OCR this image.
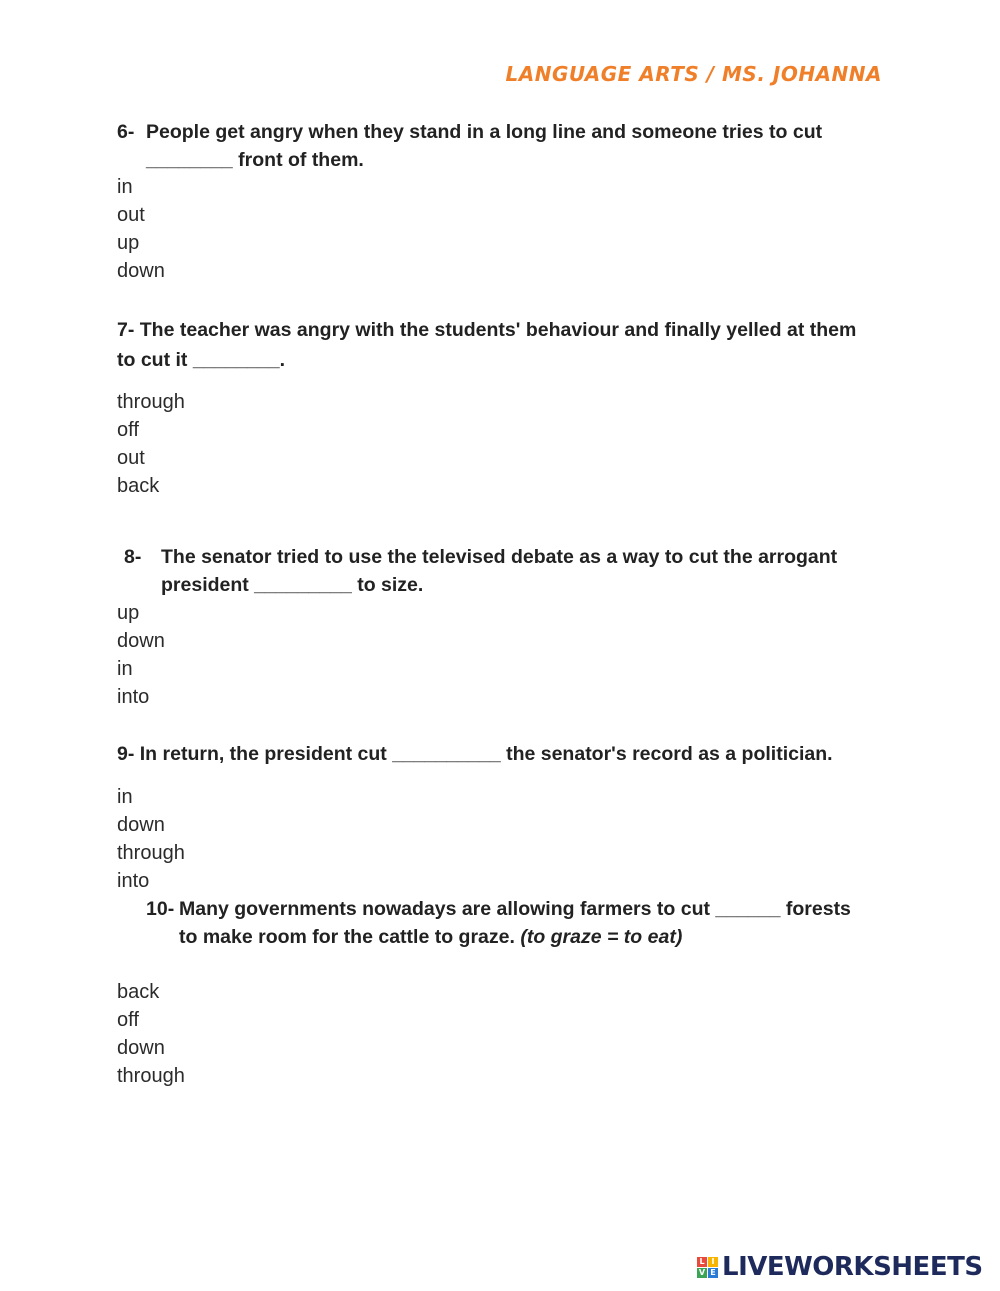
LANGUAGE ARTS / MS. JOHANNA
6- People get angry when they stand in a long line and someone tries to cut
________ front of them.
in
out
up
down
7- The teacher was angry with the students' behaviour and finally yelled at them
to cut it ________.
through
off
out
back
8-	The senator tried to use the televised debate as a way to cut the arrogant
president _________ to size.
up
down
in
into
9- In return, the president cut __________ the senator's record as a politician.
in
down
through
into
10- Many governments nowadays are allowing farmers to cut ______ forests
to make room for the cattle to graze. (to graze = to eat)
back
off
down
through
L I
V E LIVEWORKSHEETS
